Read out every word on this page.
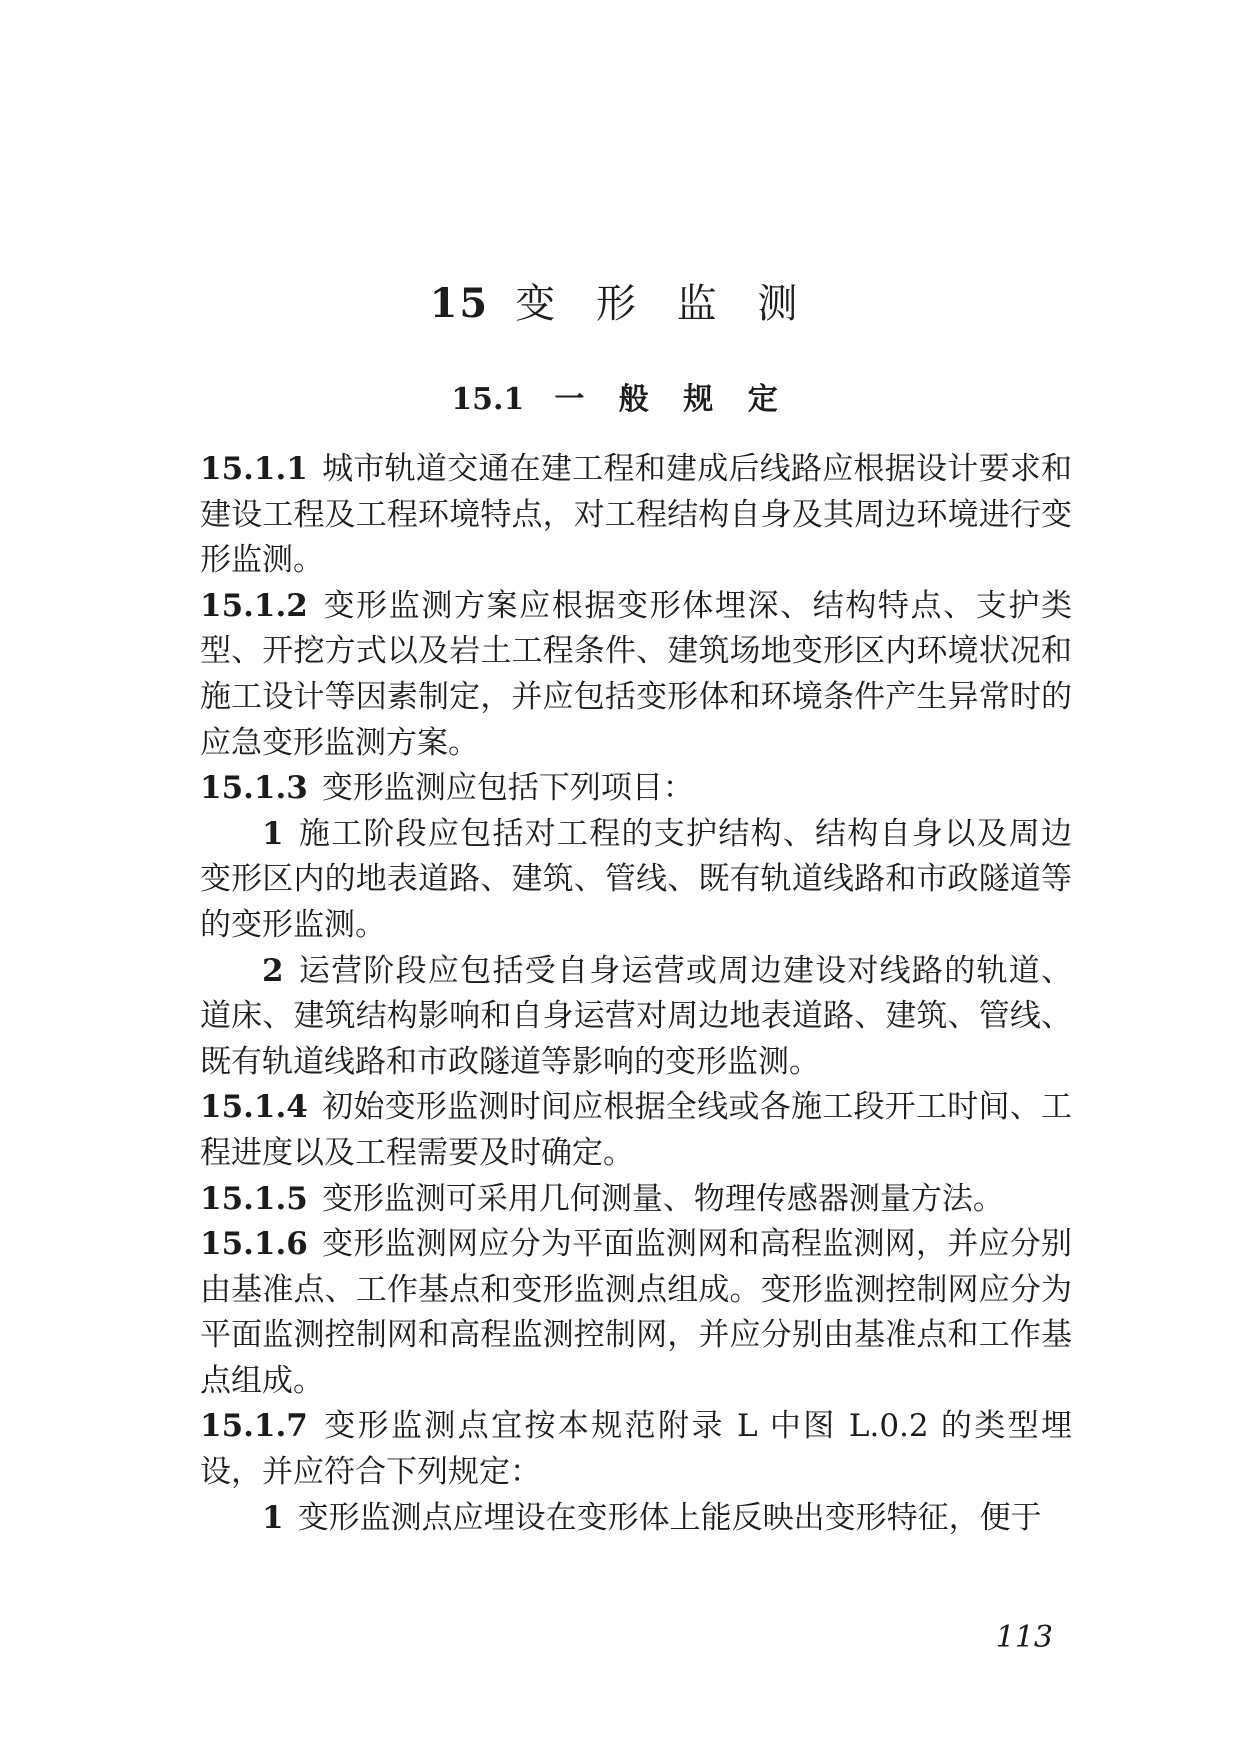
15 变 形 监 测
15.1 一 般 规 定

15.1.1 城市轨道交通在建工程和建成后线路应根据设计要求和建设工程及工程环境特点，对工程结构自身及其周边环境进行变形监测。

15.1.2 变形监测方案应根据变形体埋深、结构特点、支护类型、开挖方式以及岩土工程条件、建筑场地变形区内环境状况和施工设计等因素制定，并应包括变形体和环境条件产生异常时的应急变形监测方案。

15.1.3 变形监测应包括下列项目：

1 施工阶段应包括对工程的支护结构、结构自身以及周边变形区内的地表道路、建筑、管线、既有轨道线路和市政隧道等的变形监测。

2 运营阶段应包括受自身运营或周边建设对线路的轨道、道床、建筑结构影响和自身运营对周边地表道路、建筑、管线、既有轨道线路和市政隧道等影响的变形监测。

15.1.4 初始变形监测时间应根据全线或各施工段开工时间、工程进度以及工程需要及时确定。

15.1.5 变形监测可采用几何测量、物理传感器测量方法。

15.1.6 变形监测网应分为平面监测网和高程监测网，并应分别由基准点、工作基点和变形监测点组成。变形监测控制网应分为平面监测控制网和高程监测控制网，并应分别由基准点和工作基点组成。

15.1.7 变形监测点宜按本规范附录 L 中图 L.0.2 的类型埋设，并应符合下列规定：

1 变形监测点应埋设在变形体上能反映出变形特征，便于

113
